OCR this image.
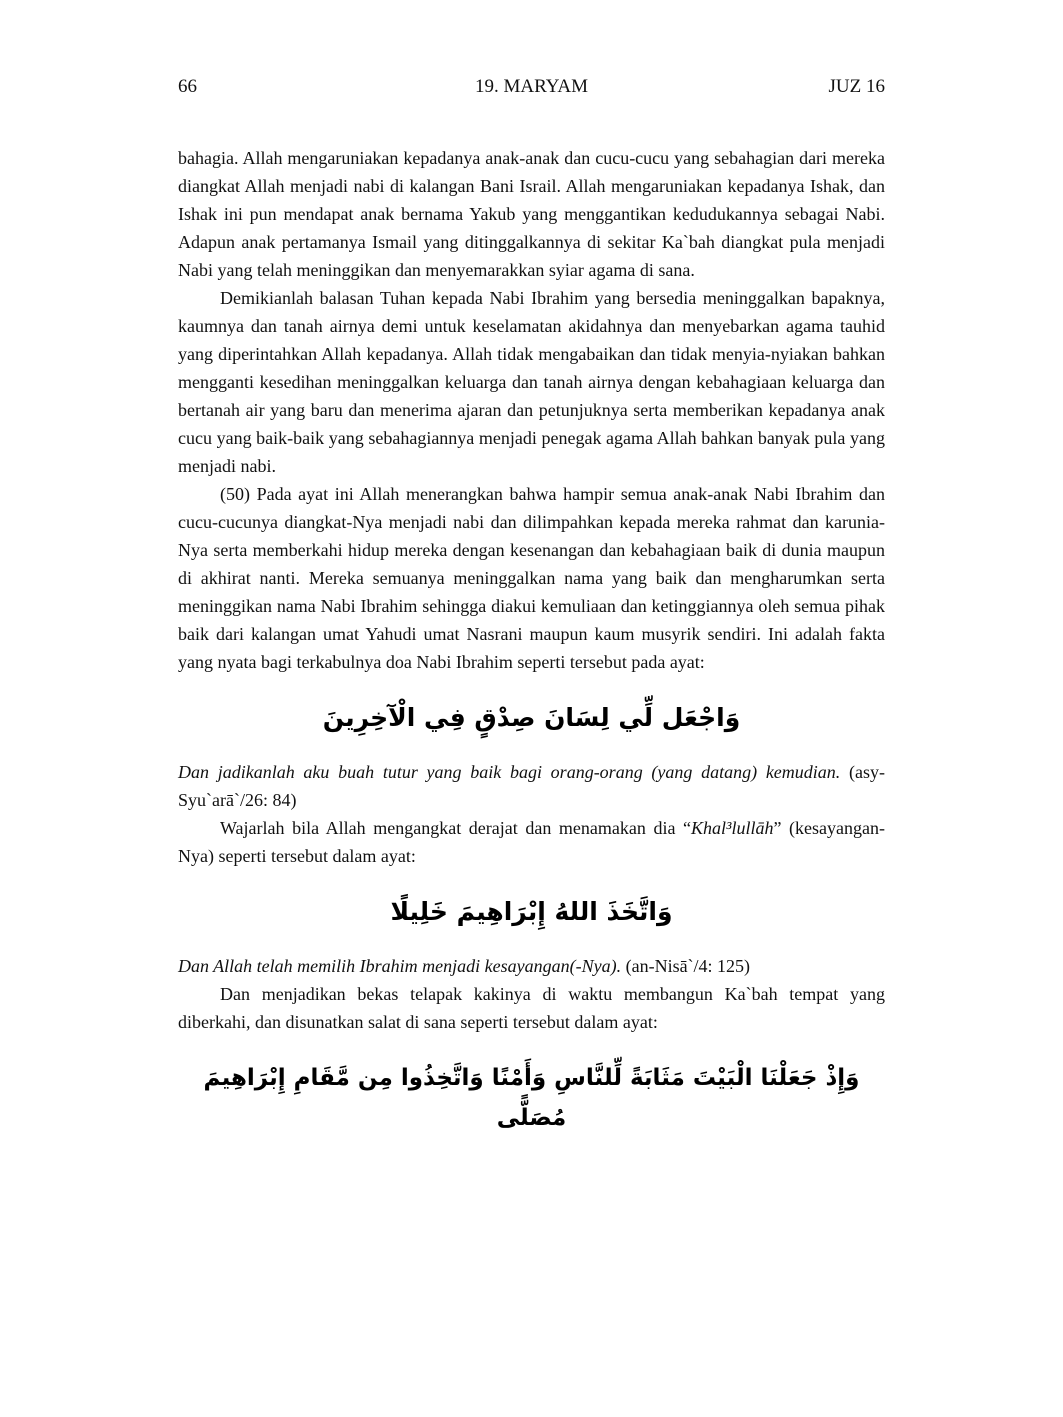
66	19. MARYAM	JUZ 16

bahagia. Allah mengaruniakan kepadanya anak-anak dan cucu-cucu yang sebahagian dari mereka diangkat Allah menjadi nabi di kalangan Bani Israil. Allah mengaruniakan kepadanya Ishak, dan Ishak ini pun mendapat anak bernama Yakub yang menggantikan kedudukannya sebagai Nabi. Adapun anak pertamanya Ismail yang ditinggalkannya di sekitar Ka`bah diangkat pula menjadi Nabi yang telah meninggikan dan menyemarakkan syiar agama di sana.

Demikianlah balasan Tuhan kepada Nabi Ibrahim yang bersedia meninggalkan bapaknya, kaumnya dan tanah airnya demi untuk keselamatan akidahnya dan menyebarkan agama tauhid yang diperintahkan Allah kepadanya. Allah tidak mengabaikan dan tidak menyia-nyiakan bahkan mengganti kesedihan meninggalkan keluarga dan tanah airnya dengan kebahagiaan keluarga dan bertanah air yang baru dan menerima ajaran dan petunjuknya serta memberikan kepadanya anak cucu yang baik-baik yang sebahagiannya menjadi penegak agama Allah bahkan banyak pula yang menjadi nabi.

(50) Pada ayat ini Allah menerangkan bahwa hampir semua anak-anak Nabi Ibrahim dan cucu-cucunya diangkat-Nya menjadi nabi dan dilimpahkan kepada mereka rahmat dan karunia-Nya serta memberkahi hidup mereka dengan kesenangan dan kebahagiaan baik di dunia maupun di akhirat nanti. Mereka semuanya meninggalkan nama yang baik dan mengharumkan serta meninggikan nama Nabi Ibrahim sehingga diakui kemuliaan dan ketinggiannya oleh semua pihak baik dari kalangan umat Yahudi umat Nasrani maupun kaum musyrik sendiri. Ini adalah fakta yang nyata bagi terkabulnya doa Nabi Ibrahim seperti tersebut pada ayat:

وَاجْعَل لِّي لِسَانَ صِدْقٍ فِي الْآخِرِينَ

Dan jadikanlah aku buah tutur yang baik bagi orang-orang (yang datang) kemudian. (asy-Syu`arā`/26: 84)

Wajarlah bila Allah mengangkat derajat dan menamakan dia “Khal³lullāh” (kesayangan-Nya) seperti tersebut dalam ayat:

وَاتَّخَذَ اللهُ إِبْرَاهِيمَ خَلِيلًا

Dan Allah telah memilih Ibrahim menjadi kesayangan(-Nya). (an-Nisā`/4: 125)

Dan menjadikan bekas telapak kakinya di waktu membangun Ka`bah tempat yang diberkahi, dan disunatkan salat di sana seperti tersebut dalam ayat:

وَإِذْ جَعَلْنَا الْبَيْتَ مَثَابَةً لِّلنَّاسِ وَأَمْنًا وَاتَّخِذُوا مِن مَّقَامِ إِبْرَاهِيمَ مُصَلًّى
